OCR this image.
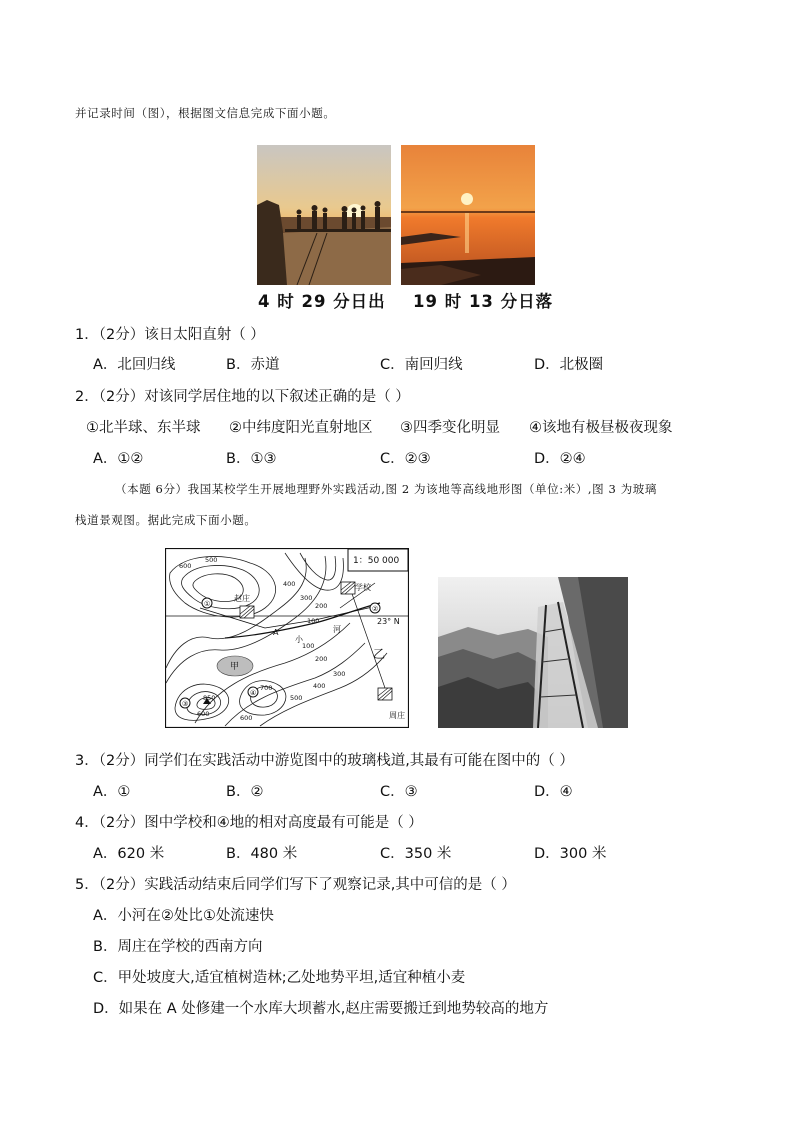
并记录时间（图），根据图文信息完成下面小题。
4 时 29 分日出 19 时 13 分日落
1．（2分）该日太阳直射（ ）
A．北回归线	B．赤道	C．南回归线	D．北极圈
2．（2分）对该同学居住地的以下叙述正确的是（ ）
①北半球、东半球 ②中纬度阳光直射地区 ③四季变化明显 ④该地有极昼极夜现象
A．①②	B．①③	C．②③	D．②④
（本题 6分）我国某校学生开展地理野外实践活动,图 2 为该地等高线地形图（单位:米）,图 3 为玻璃
栈道景观图。据此完成下面小题。
1：50 000
①
②
③
④
赵庄
学校
周庄
23° N
甲
乙
A
小
河
600
500
400
300
200
100
100
200
300
400
500
600
700
850
600
3．（2分）同学们在实践活动中游览图中的玻璃栈道,其最有可能在图中的（ ）
A．①	B．②	C．③	D．④
4．（2分）图中学校和④地的相对高度最有可能是（ ）
A．620 米	B．480 米	C．350 米	D．300 米
5．（2分）实践活动结束后同学们写下了观察记录,其中可信的是（ ）
A．小河在②处比①处流速快
B．周庄在学校的西南方向
C．甲处坡度大,适宜植树造林;乙处地势平坦,适宜种植小麦
D．如果在 A 处修建一个水库大坝蓄水,赵庄需要搬迁到地势较高的地方
